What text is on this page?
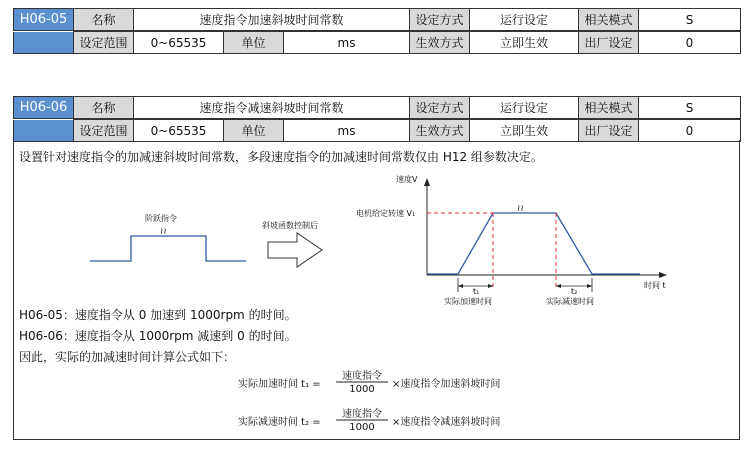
H06-05	名称	速度指令加速斜坡时间常数	设定方式	运行设定	相关模式	S
	设定范围	0~65535	单位	ms	生效方式	立即生效	出厂设定	0
H06-06	名称	速度指令减速斜坡时间常数	设定方式	运行设定	相关模式	S
	设定范围	0~65535	单位	ms	生效方式	立即生效	出厂设定	0
设置针对速度指令的加减速斜坡时间常数，多段速度指令的加减速时间常数仅由 H12 组参数决定。
阶跃指令
≀≀
斜坡函数控制后
速度V
电机给定转速 V₁	≀≀
时间 t
t₁	t₂
实际加速时间	实际减速时间
H06-05：速度指令从 0 加速到 1000rpm 的时间。
H06-06：速度指令从 1000rpm 减速到 0 的时间。
因此，实际的加减速时间计算公式如下：
实际加速时间 t₁ =
速度指令
1000	×速度指令加速斜坡时间
实际减速时间 t₂ =
速度指令
1000	×速度指令减速斜坡时间
